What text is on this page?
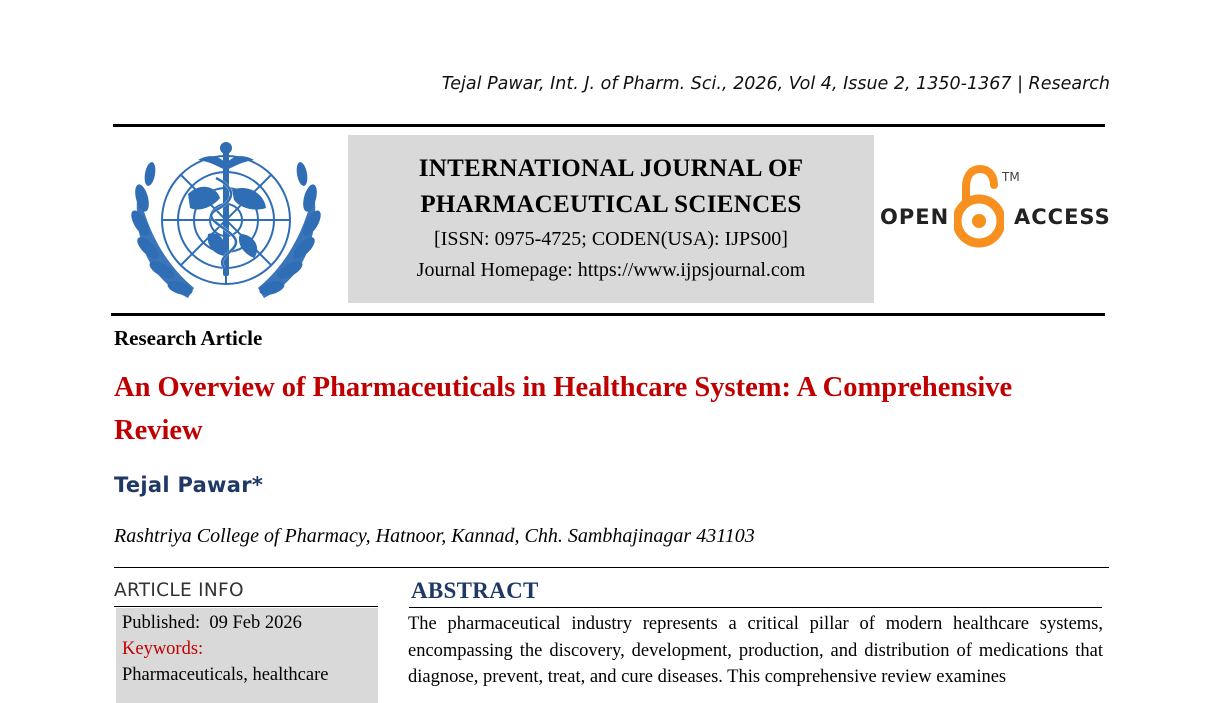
Tejal Pawar, Int. J. of Pharm. Sci., 2026, Vol 4, Issue 2, 1350-1367 | Research
INTERNATIONAL JOURNAL OF
PHARMACEUTICAL SCIENCES
[ISSN: 0975-4725; CODEN(USA): IJPS00]
Journal Homepage: https://www.ijpsjournal.com
OPEN
TM
ACCESS
Research Article
An Overview of Pharmaceuticals in Healthcare System: A Comprehensive Review
Tejal Pawar*
Rashtriya College of Pharmacy, Hatnoor, Kannad, Chh. Sambhajinagar 431103
ARTICLE INFO
Published: 09 Feb 2026
Keywords:
Pharmaceuticals, healthcare
ABSTRACT
The pharmaceutical industry represents a critical pillar of modern healthcare systems, encompassing the discovery, development, production, and distribution of medications that diagnose, prevent, treat, and cure diseases. This comprehensive review examines
